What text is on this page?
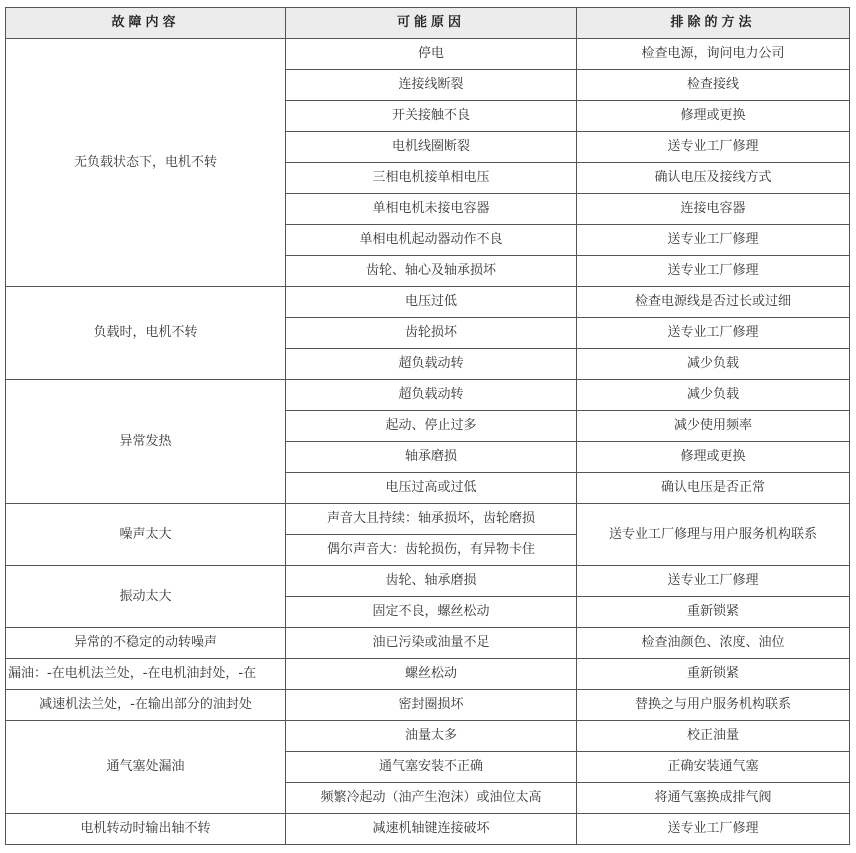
故障内容	可能原因	排除的方法
无负载状态下，电机不转	停电	检查电源，询问电力公司
	连接线断裂	检查接线
	开关接触不良	修理或更换
	电机线圈断裂	送专业工厂修理
	三相电机接单相电压	确认电压及接线方式
	单相电机未接电容器	连接电容器
	单相电机起动器动作不良	送专业工厂修理
	齿轮、轴心及轴承损坏	送专业工厂修理
负载时，电机不转	电压过低	检查电源线是否过长或过细
	齿轮损坏	送专业工厂修理
	超负载动转	减少负载
异常发热	超负载动转	减少负载
	起动、停止过多	减少使用频率
	轴承磨损	修理或更换
	电压过高或过低	确认电压是否正常
噪声太大	声音大且持续：轴承损坏，齿轮磨损	送专业工厂修理与用户服务机构联系
	偶尔声音大：齿轮损伤，有异物卡住	
振动太大	齿轮、轴承磨损	送专业工厂修理
	固定不良，螺丝松动	重新锁紧
异常的不稳定的动转噪声	油已污染或油量不足	检查油颜色、浓度、油位
漏油：-在电机法兰处，-在电机油封处，-在	螺丝松动	重新锁紧
减速机法兰处，-在输出部分的油封处	密封圈损坏	替换之与用户服务机构联系
通气塞处漏油	油量太多	校正油量
	通气塞安装不正确	正确安装通气塞
	频繁冷起动（油产生泡沫）或油位太高	将通气塞换成排气阀
电机转动时输出轴不转	减速机轴键连接破坏	送专业工厂修理
